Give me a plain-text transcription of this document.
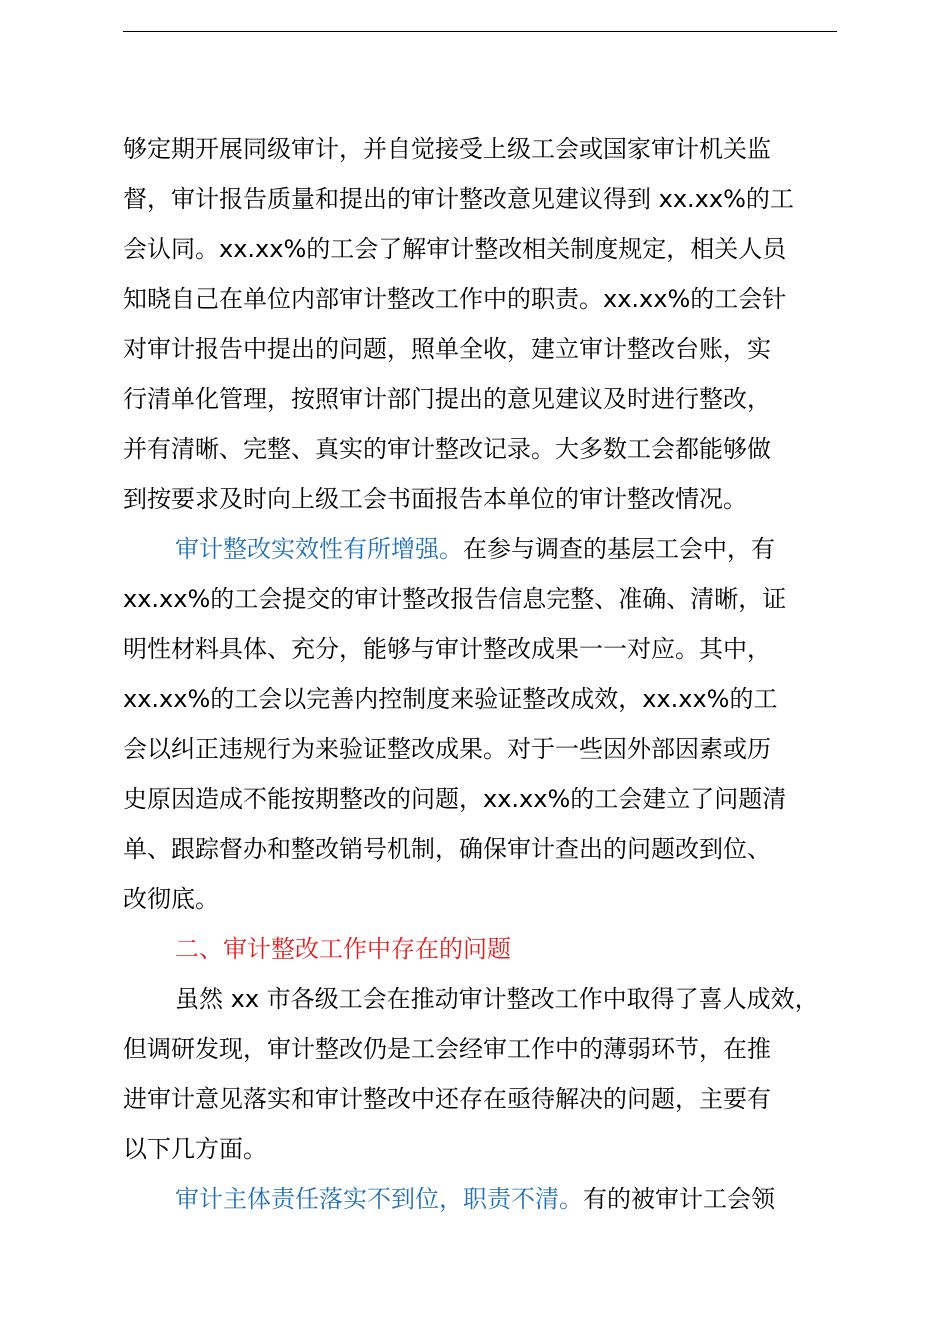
够定期开展同级审计，并自觉接受上级工会或国家审计机关监
督，审计报告质量和提出的审计整改意见建议得到 xx.xx%的工
会认同。xx.xx%的工会了解审计整改相关制度规定，相关人员
知晓自己在单位内部审计整改工作中的职责。xx.xx%的工会针
对审计报告中提出的问题，照单全收，建立审计整改台账，实
行清单化管理，按照审计部门提出的意见建议及时进行整改，
并有清晰、完整、真实的审计整改记录。大多数工会都能够做
到按要求及时向上级工会书面报告本单位的审计整改情况。
审计整改实效性有所增强。在参与调查的基层工会中，有
xx.xx%的工会提交的审计整改报告信息完整、准确、清晰，证
明性材料具体、充分，能够与审计整改成果一一对应。其中，
xx.xx%的工会以完善内控制度来验证整改成效，xx.xx%的工
会以纠正违规行为来验证整改成果。对于一些因外部因素或历
史原因造成不能按期整改的问题，xx.xx%的工会建立了问题清
单、跟踪督办和整改销号机制，确保审计查出的问题改到位、
改彻底。
二、审计整改工作中存在的问题
虽然 xx 市各级工会在推动审计整改工作中取得了喜人成效，
但调研发现，审计整改仍是工会经审工作中的薄弱环节，在推
进审计意见落实和审计整改中还存在亟待解决的问题，主要有
以下几方面。
审计主体责任落实不到位，职责不清。有的被审计工会领
